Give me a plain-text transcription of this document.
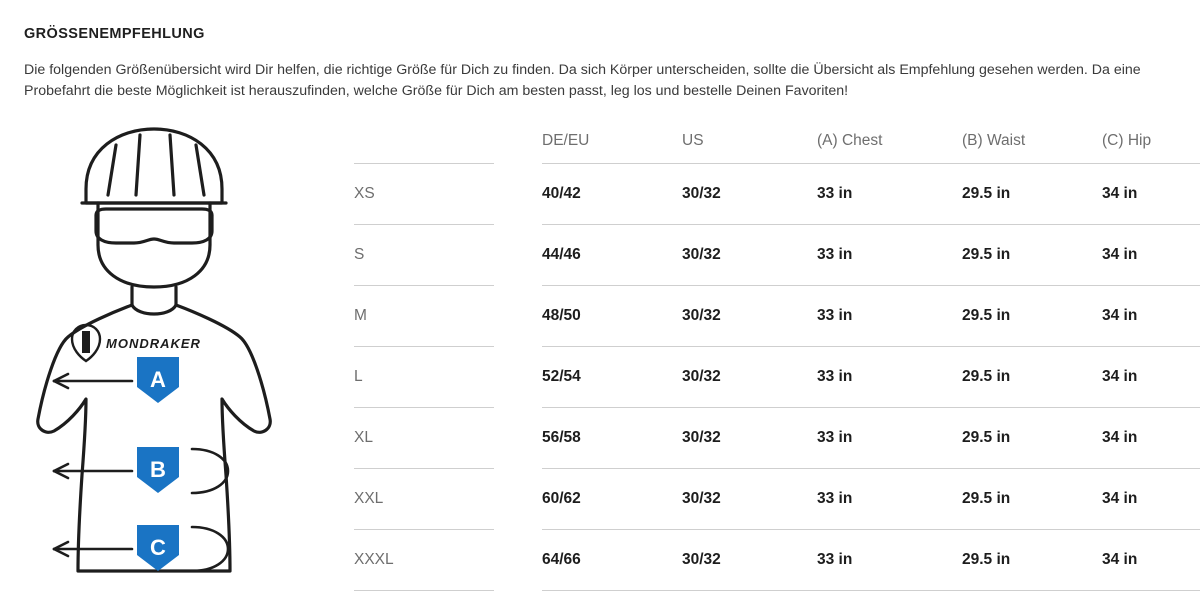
GRÖSSENEMPFEHLUNG

Die folgenden Größenübersicht wird Dir helfen, die richtige Größe für Dich zu finden. Da sich Körper unterscheiden, sollte die Übersicht als Empfehlung gesehen werden. Da eine Probefahrt die beste Möglichkeit ist herauszufinden, welche Größe für Dich am besten passt, leg los und bestelle Deinen Favoriten!

MONDRAKER
A
B
C
		DE/EU	US	(A) Chest	(B) Waist	(C) Hip
XS		40/42	30/32	33 in	29.5 in	34 in
S		44/46	30/32	33 in	29.5 in	34 in
M		48/50	30/32	33 in	29.5 in	34 in
L		52/54	30/32	33 in	29.5 in	34 in
XL		56/58	30/32	33 in	29.5 in	34 in
XXL		60/62	30/32	33 in	29.5 in	34 in
XXXL		64/66	30/32	33 in	29.5 in	34 in
